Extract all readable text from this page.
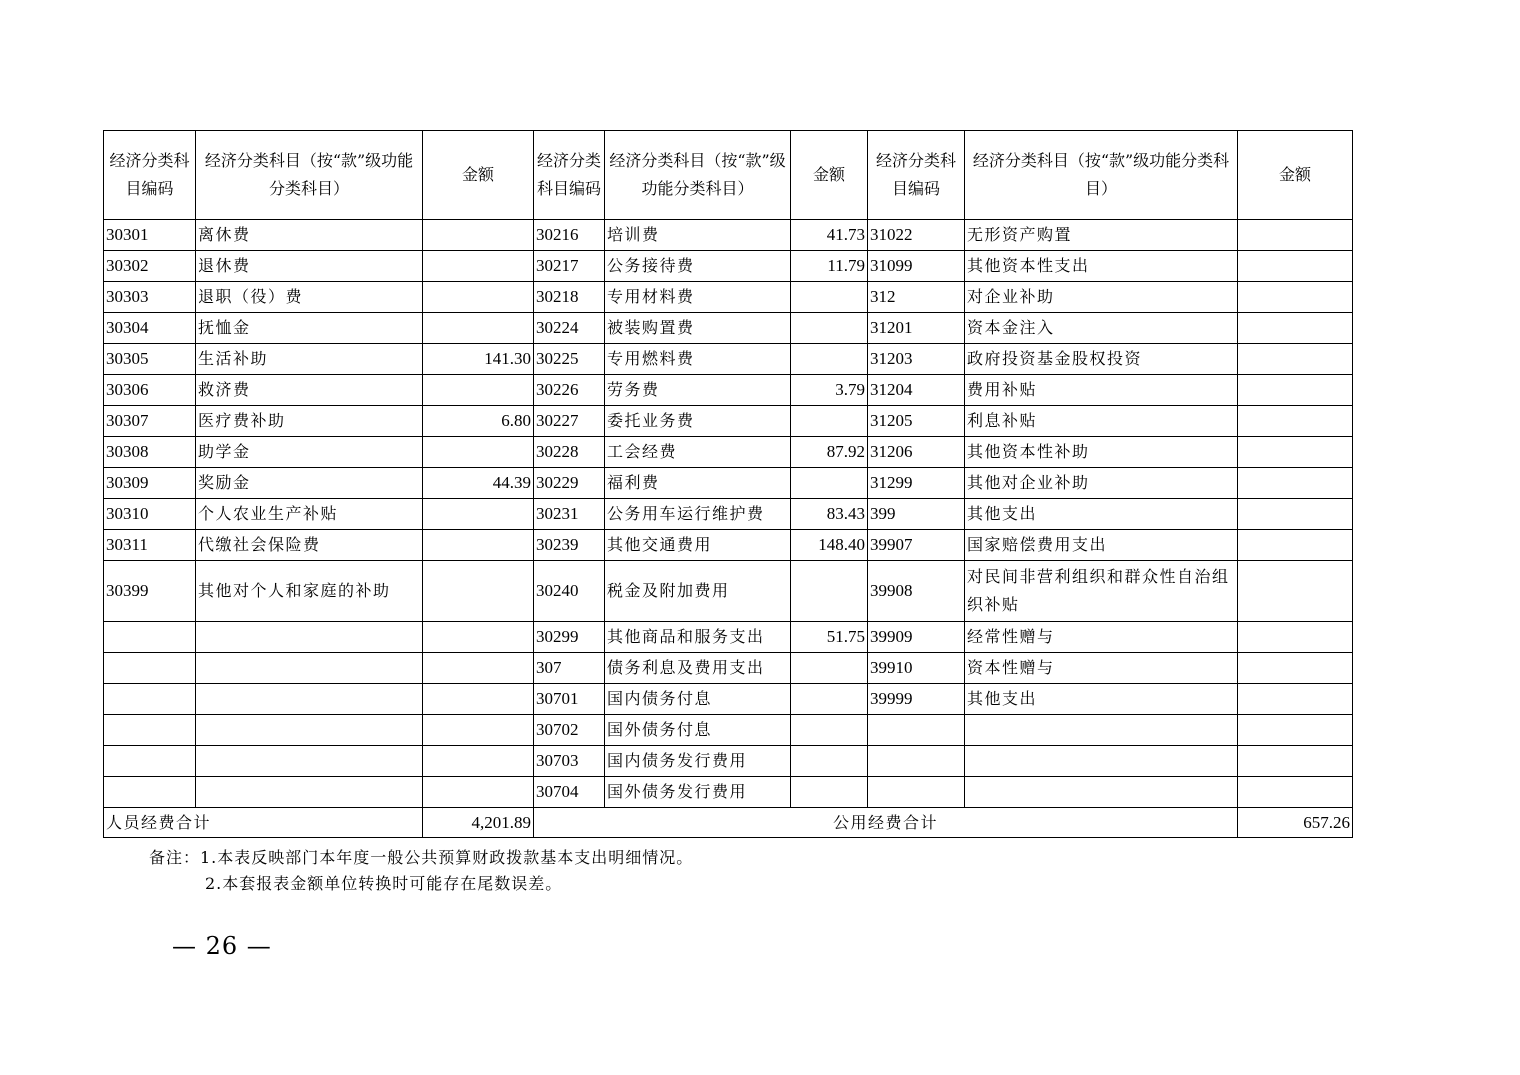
经济分类科目编码	经济分类科目（按“款”级功能分类科目）	金额	经济分类科目编码	经济分类科目（按“款”级功能分类科目）	金额	经济分类科目编码	经济分类科目（按“款”级功能分类科目）	金额
30301	离休费		30216	培训费	41.73	31022	无形资产购置	
30302	退休费		30217	公务接待费	11.79	31099	其他资本性支出	
30303	退职（役）费		30218	专用材料费		312	对企业补助	
30304	抚恤金		30224	被装购置费		31201	资本金注入	
30305	生活补助	141.30	30225	专用燃料费		31203	政府投资基金股权投资	
30306	救济费		30226	劳务费	3.79	31204	费用补贴	
30307	医疗费补助	6.80	30227	委托业务费		31205	利息补贴	
30308	助学金		30228	工会经费	87.92	31206	其他资本性补助	
30309	奖励金	44.39	30229	福利费		31299	其他对企业补助	
30310	个人农业生产补贴		30231	公务用车运行维护费	83.43	399	其他支出	
30311	代缴社会保险费		30239	其他交通费用	148.40	39907	国家赔偿费用支出	
30399	其他对个人和家庭的补助		30240	税金及附加费用		39908	对民间非营利组织和群众性自治组织补贴	
			30299	其他商品和服务支出	51.75	39909	经常性赠与	
			307	债务利息及费用支出		39910	资本性赠与	
			30701	国内债务付息		39999	其他支出	
			30702	国外债务付息				
			30703	国内债务发行费用				
			30704	国外债务发行费用				
人员经费合计		4,201.89	公用经费合计					657.26
备注：1.本表反映部门本年度一般公共预算财政拨款基本支出明细情况。
2.本套报表金额单位转换时可能存在尾数误差。
— 26 —
